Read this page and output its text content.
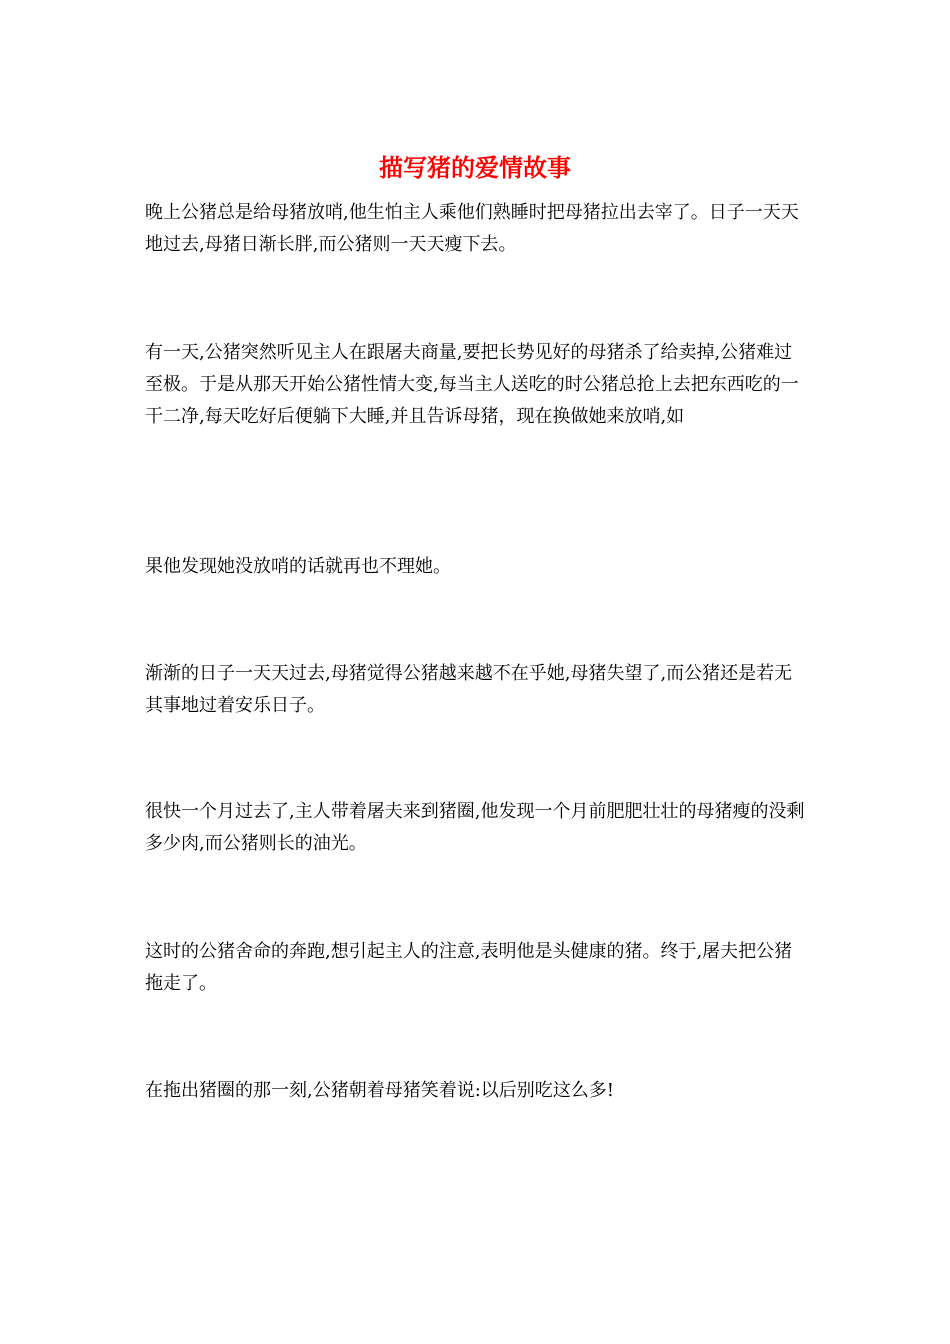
描写猪的爱情故事

晚上公猪总是给母猪放哨,他生怕主人乘他们熟睡时把母猪拉出去宰了。日子一天天地过去,母猪日渐长胖,而公猪则一天天瘦下去。

有一天,公猪突然听见主人在跟屠夫商量,要把长势见好的母猪杀了给卖掉,公猪难过至极。于是从那天开始公猪性情大变,每当主人送吃的时公猪总抢上去把东西吃的一干二净,每天吃好后便躺下大睡,并且告诉母猪，现在换做她来放哨,如

果他发现她没放哨的话就再也不理她。

渐渐的日子一天天过去,母猪觉得公猪越来越不在乎她,母猪失望了,而公猪还是若无其事地过着安乐日子。

很快一个月过去了,主人带着屠夫来到猪圈,他发现一个月前肥肥壮壮的母猪瘦的没剩多少肉,而公猪则长的油光。

这时的公猪舍命的奔跑,想引起主人的注意,表明他是头健康的猪。终于,屠夫把公猪拖走了。

在拖出猪圈的那一刻,公猪朝着母猪笑着说:以后别吃这么多!
